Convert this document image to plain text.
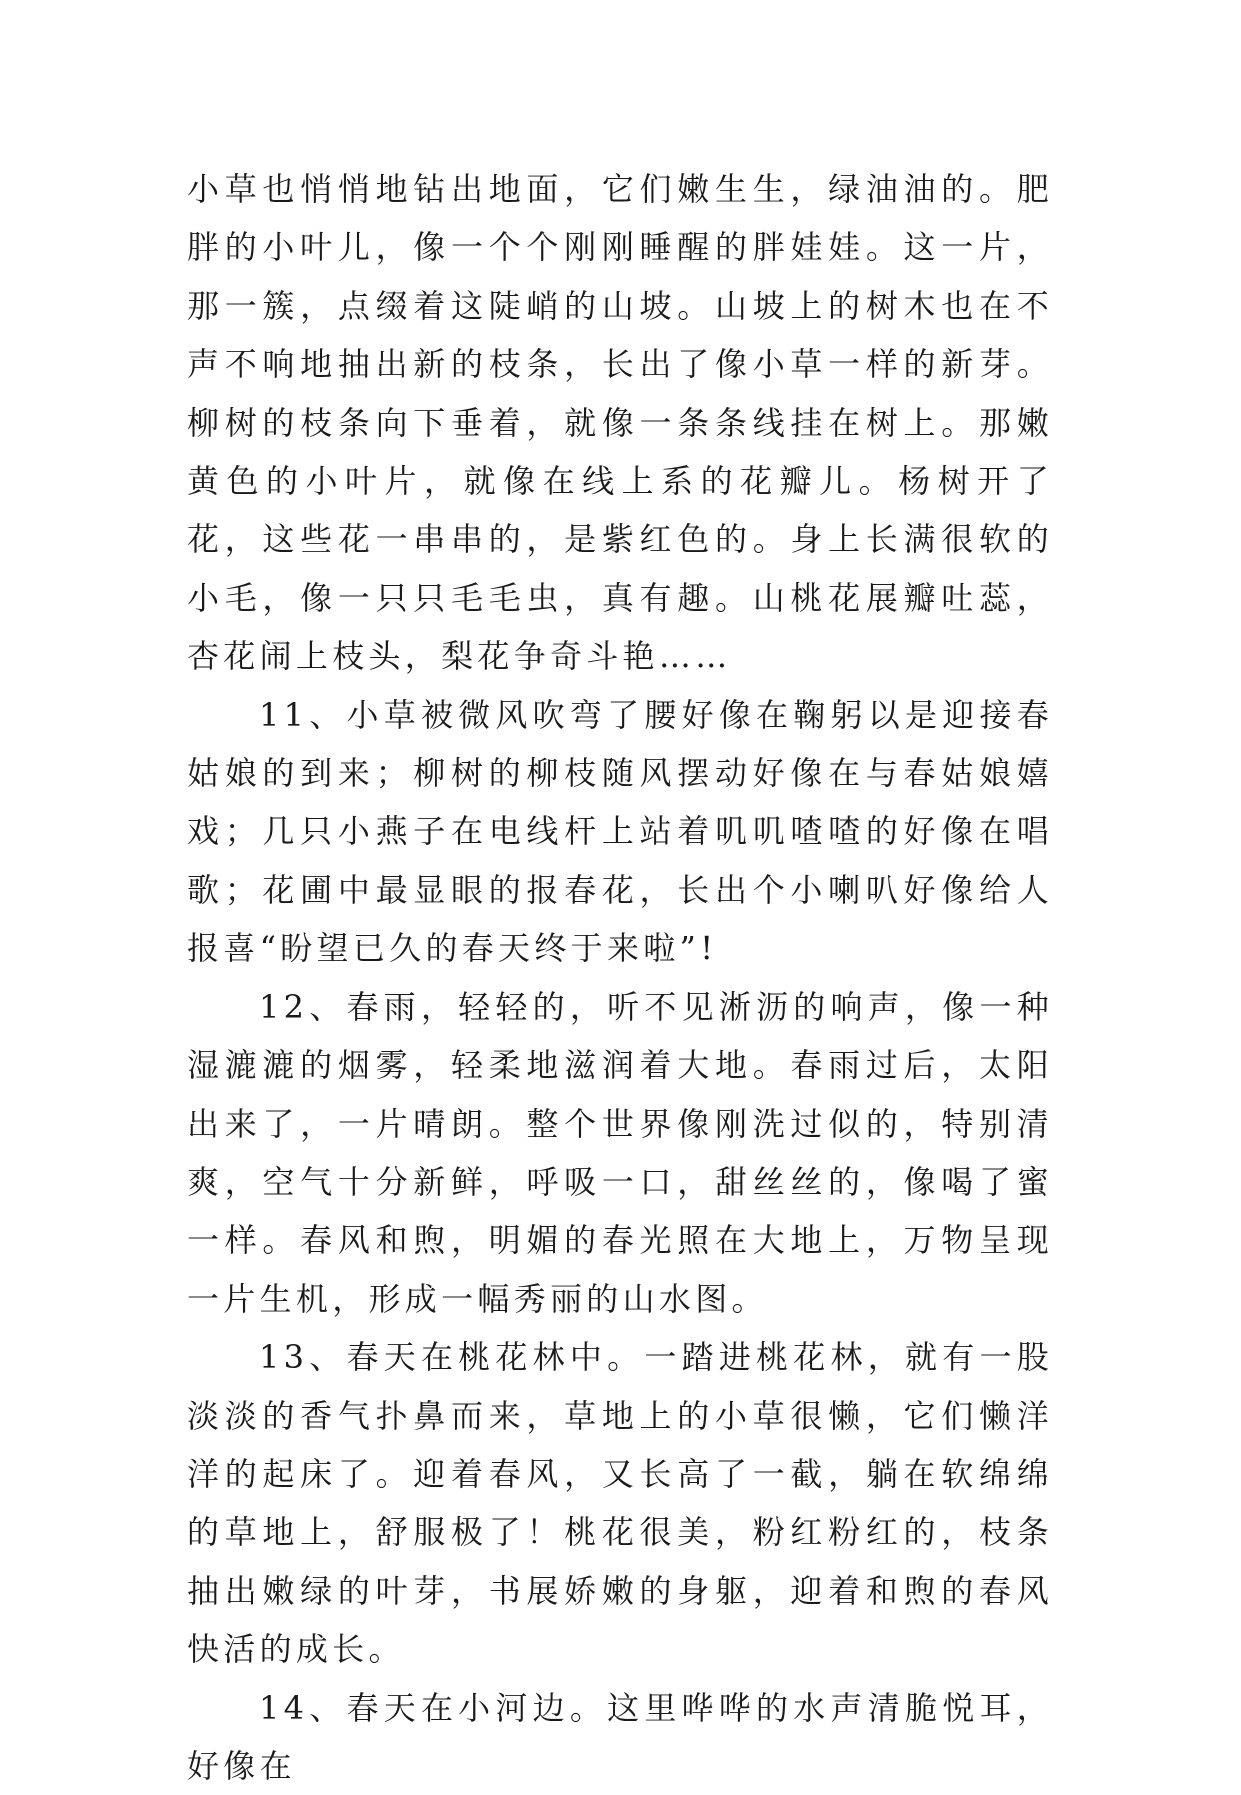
小草也悄悄地钻出地面，它们嫩生生，绿油油的。肥胖的小叶儿，像一个个刚刚睡醒的胖娃娃。这一片，那一簇，点缀着这陡峭的山坡。山坡上的树木也在不声不响地抽出新的枝条，长出了像小草一样的新芽。柳树的枝条向下垂着，就像一条条线挂在树上。那嫩黄色的小叶片，就像在线上系的花瓣儿。杨树开了花，这些花一串串的，是紫红色的。身上长满很软的小毛，像一只只毛毛虫，真有趣。山桃花展瓣吐蕊，杏花闹上枝头，梨花争奇斗艳……

11、小草被微风吹弯了腰好像在鞠躬以是迎接春姑娘的到来；柳树的柳枝随风摆动好像在与春姑娘嬉戏；几只小燕子在电线杆上站着叽叽喳喳的好像在唱歌；花圃中最显眼的报春花，长出个小喇叭好像给人报喜“盼望已久的春天终于来啦”!

12、春雨，轻轻的，听不见淅沥的响声，像一种湿漉漉的烟雾，轻柔地滋润着大地。春雨过后，太阳出来了，一片晴朗。整个世界像刚洗过似的，特别清爽，空气十分新鲜，呼吸一口，甜丝丝的，像喝了蜜一样。春风和煦，明媚的春光照在大地上，万物呈现一片生机，形成一幅秀丽的山水图。

13、春天在桃花林中。一踏进桃花林，就有一股淡淡的香气扑鼻而来，草地上的小草很懒，它们懒洋洋的起床了。迎着春风，又长高了一截，躺在软绵绵的草地上，舒服极了！桃花很美，粉红粉红的，枝条抽出嫩绿的叶芽，书展娇嫩的身躯，迎着和煦的春风快活的成长。

14、春天在小河边。这里哗哗的水声清脆悦耳，好像在
